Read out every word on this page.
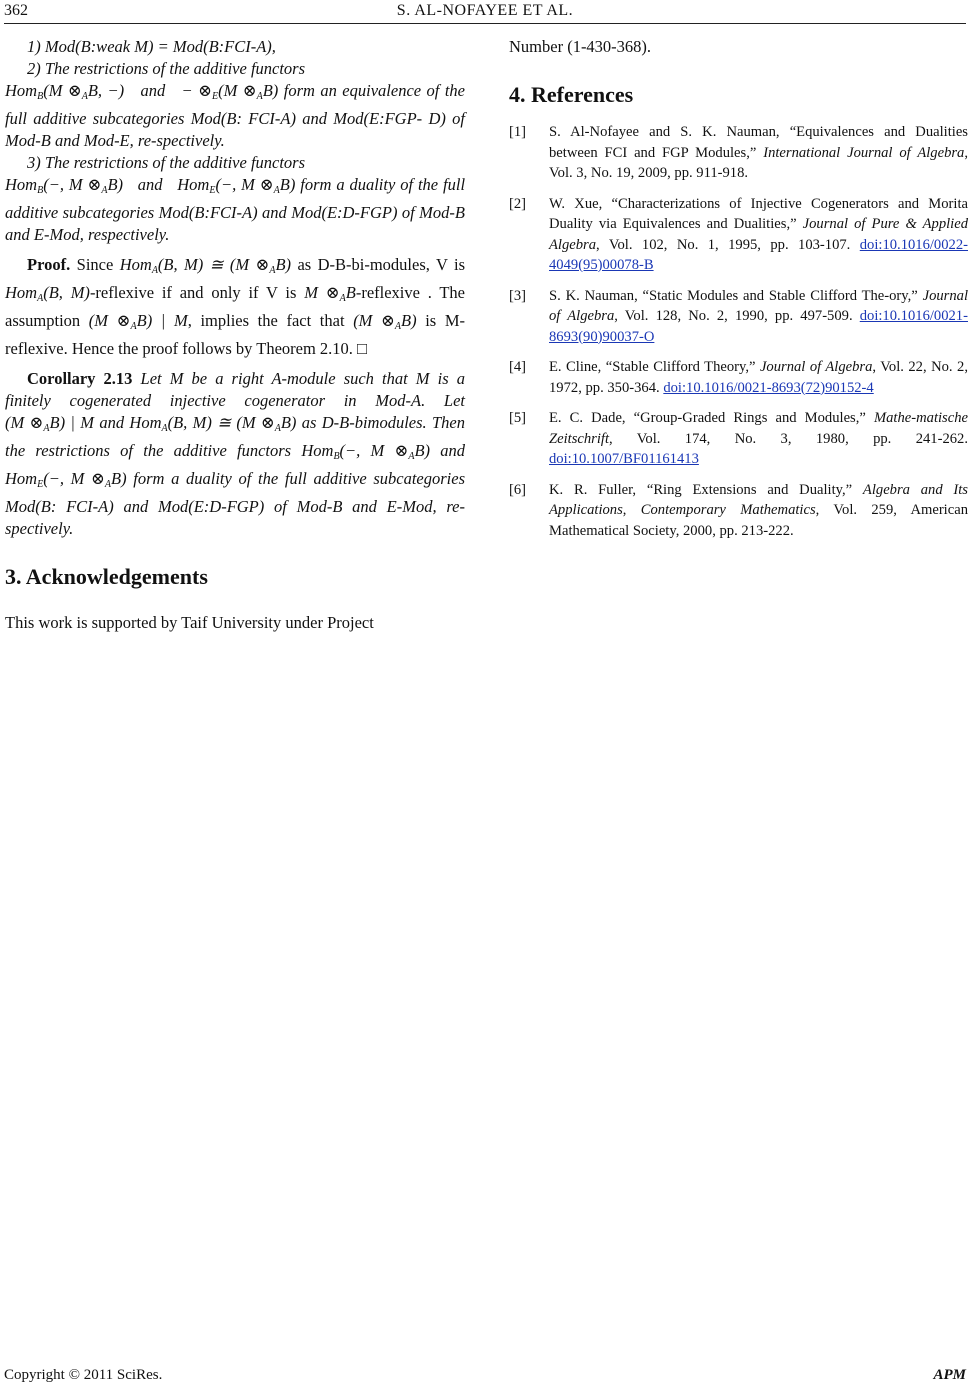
362	S. AL-NOFAYEE ET AL.

1) Mod(B:weak M) = Mod(B:FCI-A),

2) The restrictions of the additive functors

Hom$_B$(M $\otimes_AB$, −) and − $\otimes_E(M$ $\otimes_AB$) form an equivalence of the full additive subcategories Mod(B: FCI-A) and Mod(E:FGP- D) of Mod-B and Mod-E, re-spectively.

3) The restrictions of the additive functors

Hom$_B$(−, M $\otimes_AB$) and Hom$_E$(−, M $\otimes_AB$) form a duality of the full additive subcategories Mod(B:FCI-A) and Mod(E:D-FGP) of Mod-B and E-Mod, respectively.

Proof. Since Hom$_A$(B, M) ≅ (M $\otimes_AB$) as D-B-bi-modules, V is Hom$_A$(B, M)-reflexive if and only if V is M $\otimes_AB$-reflexive . The assumption (M $\otimes_AB$) | M, implies the fact that (M $\otimes_AB$) is M-reflexive. Hence the proof follows by Theorem 2.10. □

Corollary 2.13 Let M be a right A-module such that M is a finitely cogenerated injective cogenerator in Mod-A. Let (M $\otimes_AB$) | M and Hom$_A$(B, M) ≅ (M $\otimes_AB$) as D-B-bimodules. Then the restrictions of the additive functors Hom$_B$(−, M $\otimes_AB$) and Hom$_E$(−, M $\otimes_AB$) form a duality of the full additive subcategories Mod(B: FCI-A) and Mod(E:D-FGP) of Mod-B and E-Mod, re-spectively.

3. Acknowledgements

This work is supported by Taif University under Project

Number (1-430-368).

4. References
[1] S. Al-Nofayee and S. K. Nauman, “Equivalences and Dualities between FCI and FGP Modules,” International Journal of Algebra, Vol. 3, No. 19, 2009, pp. 911-918.
[2] W. Xue, “Characterizations of Injective Cogenerators and Morita Duality via Equivalences and Dualities,” Journal of Pure & Applied Algebra, Vol. 102, No. 1, 1995, pp. 103-107. doi:10.1016/0022-4049(95)00078-B
[3] S. K. Nauman, “Static Modules and Stable Clifford The-ory,” Journal of Algebra, Vol. 128, No. 2, 1990, pp. 497-509. doi:10.1016/0021-8693(90)90037-O
[4] E. Cline, “Stable Clifford Theory,” Journal of Algebra, Vol. 22, No. 2, 1972, pp. 350-364. doi:10.1016/0021-8693(72)90152-4
[5] E. C. Dade, “Group-Graded Rings and Modules,” Mathe-matische Zeitschrift, Vol. 174, No. 3, 1980, pp. 241-262. doi:10.1007/BF01161413
[6] K. R. Fuller, “Ring Extensions and Duality,” Algebra and Its Applications, Contemporary Mathematics, Vol. 259, American Mathematical Society, 2000, pp. 213-222.
Copyright © 2011 SciRes.	APM
